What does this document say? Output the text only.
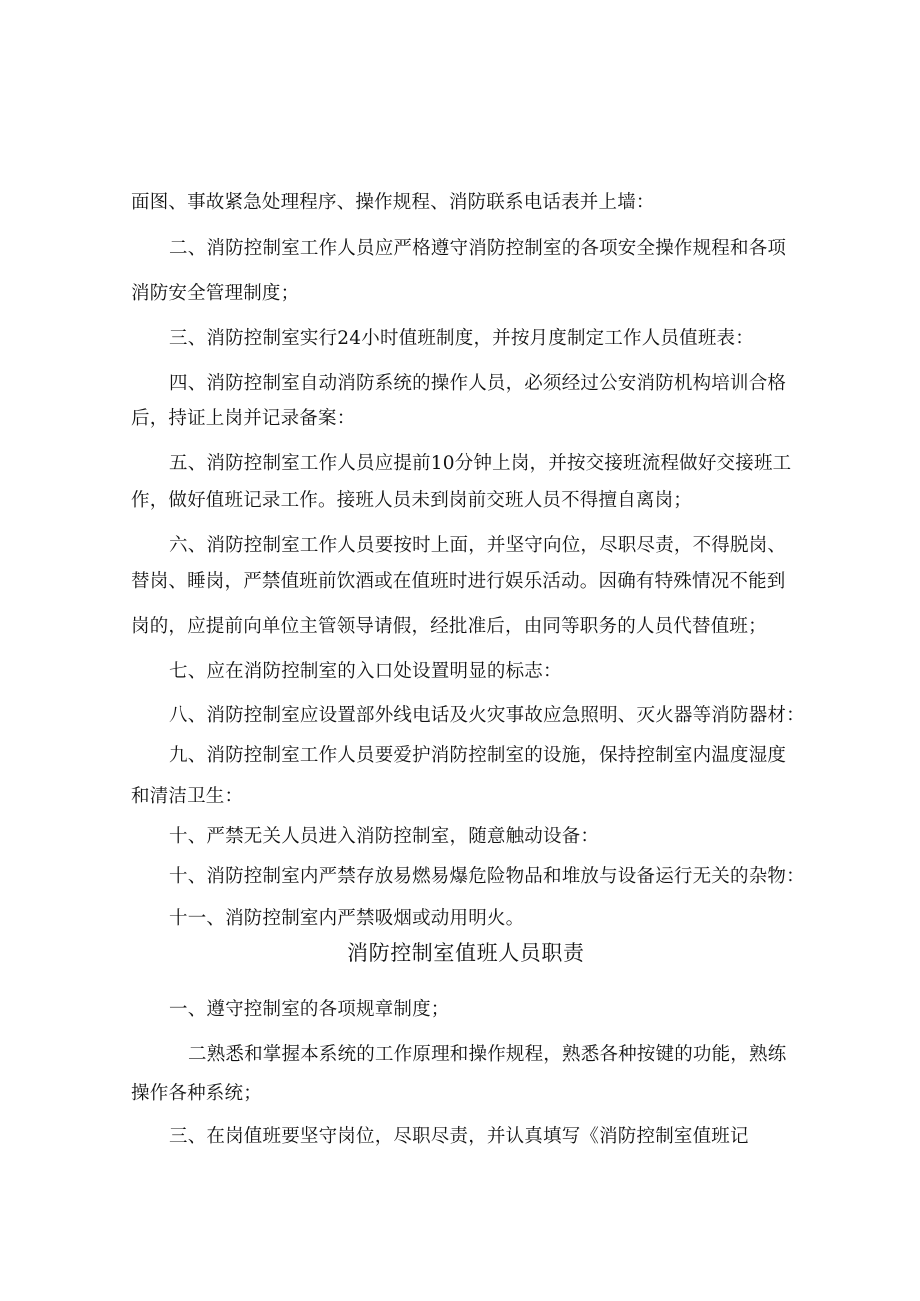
面图、事故紧急处理程序、操作规程、消防联系电话表并上墙：
二、消防控制室工作人员应严格遵守消防控制室的各项安全操作规程和各项
消防安全管理制度；
三、消防控制室实行24小时值班制度，并按月度制定工作人员值班表：
四、消防控制室自动消防系统的操作人员，必须经过公安消防机构培训合格
后，持证上岗并记录备案：
五、消防控制室工作人员应提前10分钟上岗，并按交接班流程做好交接班工
作，做好值班记录工作。接班人员未到岗前交班人员不得擅自离岗；
六、消防控制室工作人员要按时上面，并坚守向位，尽职尽责，不得脱岗、
替岗、睡岗，严禁值班前饮酒或在值班时进行娱乐活动。因确有特殊情况不能到
岗的，应提前向单位主管领导请假，经批准后，由同等职务的人员代替值班；
七、应在消防控制室的入口处设置明显的标志：
八、消防控制室应设置部外线电话及火灾事故应急照明、灭火器等消防器材：
九、消防控制室工作人员要爱护消防控制室的设施，保持控制室内温度湿度
和清洁卫生：
十、严禁无关人员进入消防控制室，随意触动设备：
十、消防控制室内严禁存放易燃易爆危险物品和堆放与设备运行无关的杂物：
十一、消防控制室内严禁吸烟或动用明火。
消防控制室值班人员职责
一、遵守控制室的各项规章制度；
二熟悉和掌握本系统的工作原理和操作规程，熟悉各种按键的功能，熟练
操作各种系统；
三、在岗值班要坚守岗位，尽职尽责，并认真填写《消防控制室值班记
